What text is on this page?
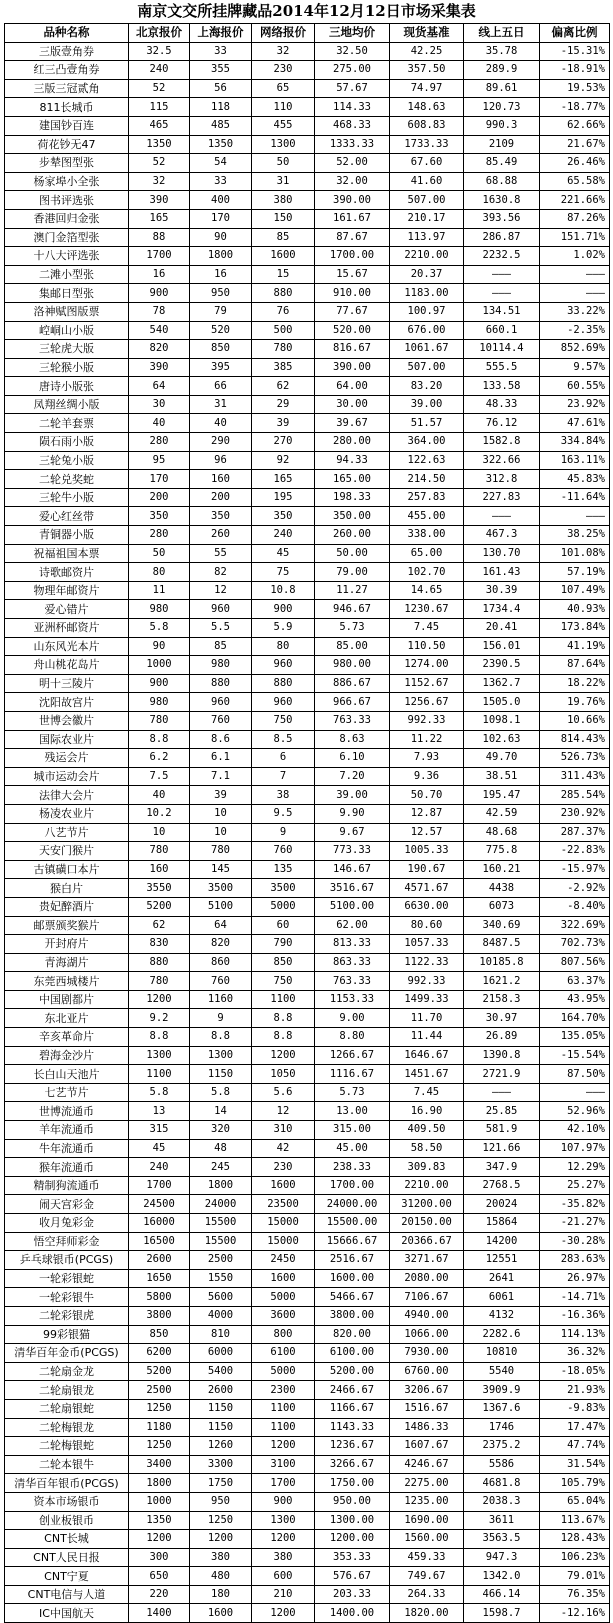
南京文交所挂牌藏品2014年12月12日市场采集表
品种名称	北京报价	上海报价	网络报价	三地均价	现货基准	线上五日	偏离比例
三版壹角券	32.5	33	32	32.50	42.25	35.78	-15.31%
红三凸壹角券	240	355	230	275.00	357.50	289.9	-18.91%
三版三冠贰角	52	56	65	57.67	74.97	89.61	19.53%
811长城币	115	118	110	114.33	148.63	120.73	-18.77%
建国钞百连	465	485	455	468.33	608.83	990.3	62.66%
荷花钞无47	1350	1350	1300	1333.33	1733.33	2109	21.67%
步辇图型张	52	54	50	52.00	67.60	85.49	26.46%
杨家埠小全张	32	33	31	32.00	41.60	68.88	65.58%
图书评选张	390	400	380	390.00	507.00	1630.8	221.66%
香港回归金张	165	170	150	161.67	210.17	393.56	87.26%
澳门金箔型张	88	90	85	87.67	113.97	286.87	151.71%
十八大评选张	1700	1800	1600	1700.00	2210.00	2232.5	1.02%
二滩小型张	16	16	15	15.67	20.37	———	———
集邮日型张	900	950	880	910.00	1183.00	———	———
洛神赋图版票	78	79	76	77.67	100.97	134.51	33.22%
崆峒山小版	540	520	500	520.00	676.00	660.1	-2.35%
三轮虎大版	820	850	780	816.67	1061.67	10114.4	852.69%
三轮猴小版	390	395	385	390.00	507.00	555.5	9.57%
唐诗小版张	64	66	62	64.00	83.20	133.58	60.55%
凤翔丝绸小版	30	31	29	30.00	39.00	48.33	23.92%
二轮羊套票	40	40	39	39.67	51.57	76.12	47.61%
陨石雨小版	280	290	270	280.00	364.00	1582.8	334.84%
三轮兔小版	95	96	92	94.33	122.63	322.66	163.11%
二轮兑奖蛇	170	160	165	165.00	214.50	312.8	45.83%
三轮牛小版	200	200	195	198.33	257.83	227.83	-11.64%
爱心红丝带	350	350	350	350.00	455.00	———	———
青铜器小版	280	260	240	260.00	338.00	467.3	38.25%
祝福祖国本票	50	55	45	50.00	65.00	130.70	101.08%
诗歌邮资片	80	82	75	79.00	102.70	161.43	57.19%
物理年邮资片	11	12	10.8	11.27	14.65	30.39	107.49%
爱心错片	980	960	900	946.67	1230.67	1734.4	40.93%
亚洲杯邮资片	5.8	5.5	5.9	5.73	7.45	20.41	173.84%
山东风光本片	90	85	80	85.00	110.50	156.01	41.19%
舟山桃花岛片	1000	980	960	980.00	1274.00	2390.5	87.64%
明十三陵片	900	880	880	886.67	1152.67	1362.7	18.22%
沈阳故宫片	980	960	960	966.67	1256.67	1505.0	19.76%
世博会徽片	780	760	750	763.33	992.33	1098.1	10.66%
国际农业片	8.8	8.6	8.5	8.63	11.22	102.63	814.43%
残运会片	6.2	6.1	6	6.10	7.93	49.70	526.73%
城市运动会片	7.5	7.1	7	7.20	9.36	38.51	311.43%
法律大会片	40	39	38	39.00	50.70	195.47	285.54%
杨凌农业片	10.2	10	9.5	9.90	12.87	42.59	230.92%
八艺节片	10	10	9	9.67	12.57	48.68	287.37%
天安门猴片	780	780	760	773.33	1005.33	775.8	-22.83%
古镇磺口本片	160	145	135	146.67	190.67	160.21	-15.97%
猴白片	3550	3500	3500	3516.67	4571.67	4438	-2.92%
贵妃醉酒片	5200	5100	5000	5100.00	6630.00	6073	-8.40%
邮票颁奖猴片	62	64	60	62.00	80.60	340.69	322.69%
开封府片	830	820	790	813.33	1057.33	8487.5	702.73%
青海湖片	880	860	850	863.33	1122.33	10185.8	807.56%
东莞西城楼片	780	760	750	763.33	992.33	1621.2	63.37%
中国剧都片	1200	1160	1100	1153.33	1499.33	2158.3	43.95%
东北亚片	9.2	9	8.8	9.00	11.70	30.97	164.70%
辛亥革命片	8.8	8.8	8.8	8.80	11.44	26.89	135.05%
碧海金沙片	1300	1300	1200	1266.67	1646.67	1390.8	-15.54%
长白山天池片	1100	1150	1050	1116.67	1451.67	2721.9	87.50%
七艺节片	5.8	5.8	5.6	5.73	7.45	———	———
世博流通币	13	14	12	13.00	16.90	25.85	52.96%
羊年流通币	315	320	310	315.00	409.50	581.9	42.10%
牛年流通币	45	48	42	45.00	58.50	121.66	107.97%
猴年流通币	240	245	230	238.33	309.83	347.9	12.29%
精制狗流通币	1700	1800	1600	1700.00	2210.00	2768.5	25.27%
闹天宫彩金	24500	24000	23500	24000.00	31200.00	20024	-35.82%
收月兔彩金	16000	15500	15000	15500.00	20150.00	15864	-21.27%
悟空拜师彩金	16500	15500	15000	15666.67	20366.67	14200	-30.28%
乒乓球银币(PCGS)	2600	2500	2450	2516.67	3271.67	12551	283.63%
一轮彩银蛇	1650	1550	1600	1600.00	2080.00	2641	26.97%
一轮彩银牛	5800	5600	5000	5466.67	7106.67	6061	-14.71%
二轮彩银虎	3800	4000	3600	3800.00	4940.00	4132	-16.36%
99彩银猫	850	810	800	820.00	1066.00	2282.6	114.13%
清华百年金币(PCGS)	6200	6000	6100	6100.00	7930.00	10810	36.32%
二轮扇金龙	5200	5400	5000	5200.00	6760.00	5540	-18.05%
二轮扇银龙	2500	2600	2300	2466.67	3206.67	3909.9	21.93%
二轮扇银蛇	1250	1150	1100	1166.67	1516.67	1367.6	-9.83%
二轮梅银龙	1180	1150	1100	1143.33	1486.33	1746	17.47%
二轮梅银蛇	1250	1260	1200	1236.67	1607.67	2375.2	47.74%
二轮本银牛	3400	3300	3100	3266.67	4246.67	5586	31.54%
清华百年银币(PCGS)	1800	1750	1700	1750.00	2275.00	4681.8	105.79%
资本市场银币	1000	950	900	950.00	1235.00	2038.3	65.04%
创业板银币	1350	1250	1300	1300.00	1690.00	3611	113.67%
CNT长城	1200	1200	1200	1200.00	1560.00	3563.5	128.43%
CNT人民日报	300	380	380	353.33	459.33	947.3	106.23%
CNT宁夏	650	480	600	576.67	749.67	1342.0	79.01%
CNT电信与人道	220	180	210	203.33	264.33	466.14	76.35%
IC中国航天	1400	1600	1200	1400.00	1820.00	1598.7	-12.16%
